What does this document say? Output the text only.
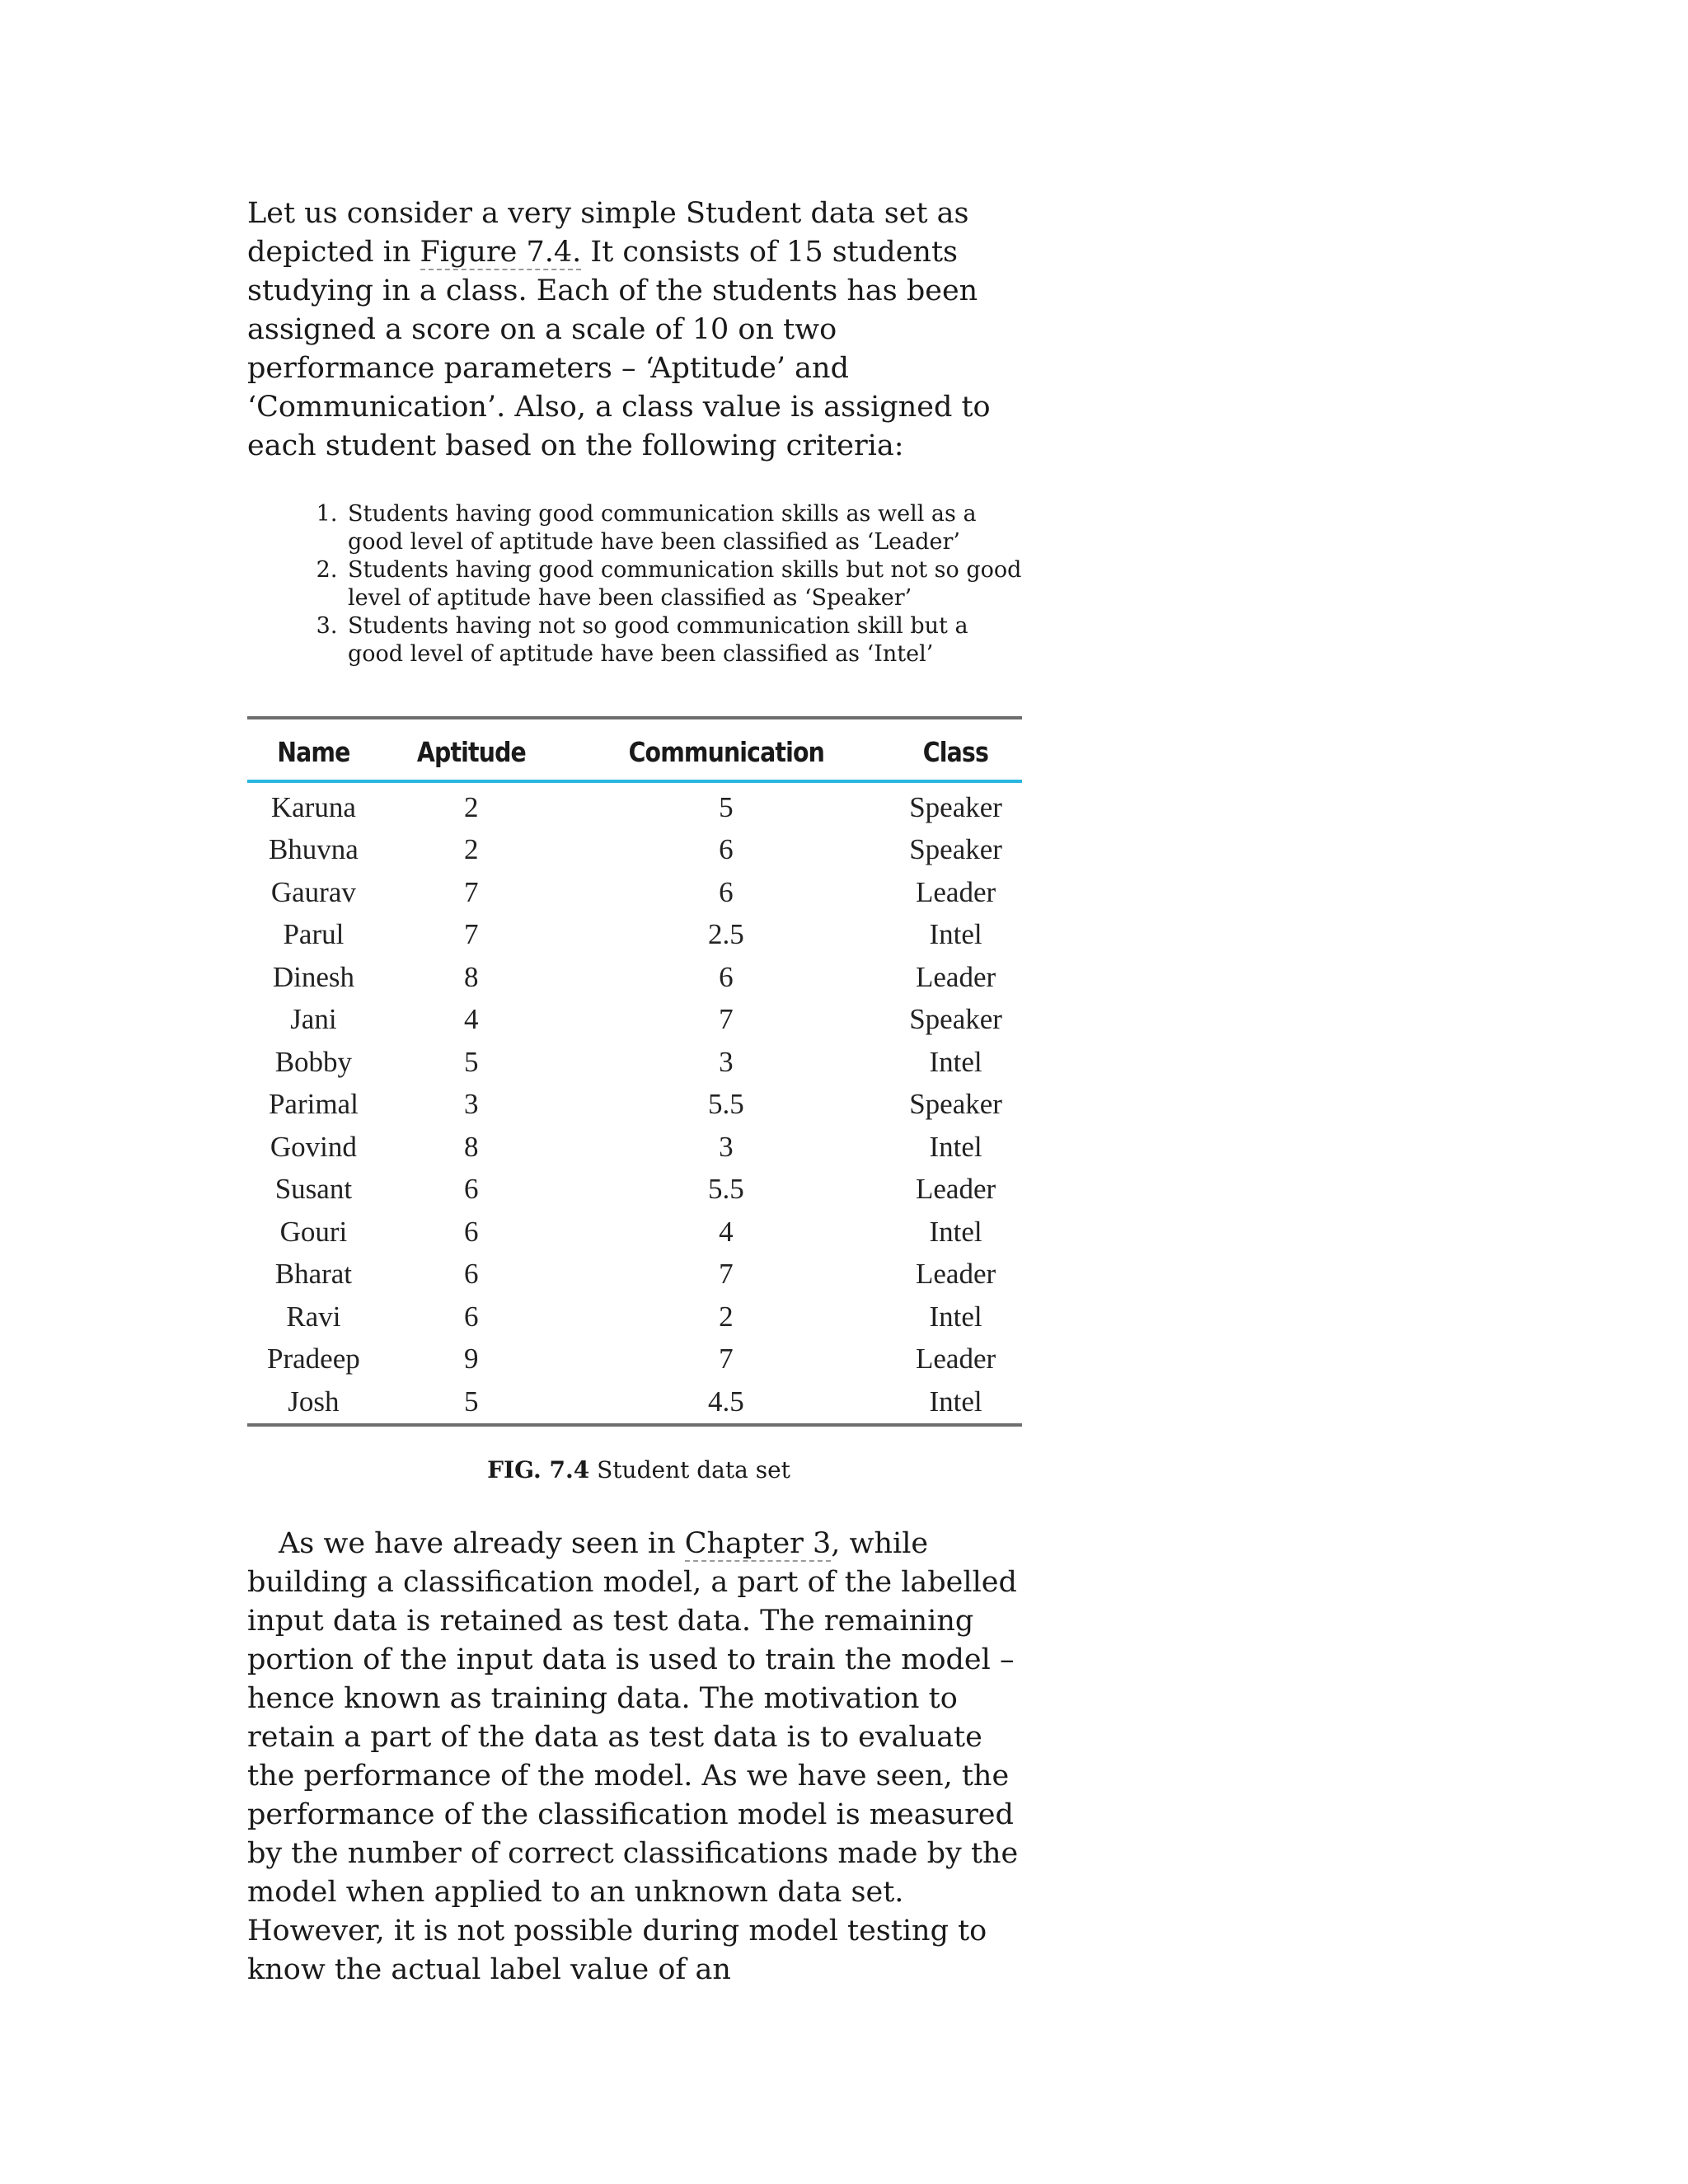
Let us consider a very simple Student data set as depicted in Figure 7.4. It consists of 15 students studying in a class. Each of the students has been assigned a score on a scale of 10 on two performance parameters – ‘Aptitude’ and ‘Communication’. Also, a class value is assigned to each student based on the following criteria:

1. Students having good communication skills as well as a good level of aptitude have been classified as ‘Leader’
2. Students having good communication skills but not so good level of aptitude have been classified as ‘Speaker’
3. Students having not so good communication skill but a good level of aptitude have been classified as ‘Intel’
Name	Aptitude	Communication	Class
Karuna	2	5	Speaker
Bhuvna	2	6	Speaker
Gaurav	7	6	Leader
Parul	7	2.5	Intel
Dinesh	8	6	Leader
Jani	4	7	Speaker
Bobby	5	3	Intel
Parimal	3	5.5	Speaker
Govind	8	3	Intel
Susant	6	5.5	Leader
Gouri	6	4	Intel
Bharat	6	7	Leader
Ravi	6	2	Intel
Pradeep	9	7	Leader
Josh	5	4.5	Intel
FIG. 7.4 Student data set

As we have already seen in Chapter 3, while building a classification model, a part of the labelled input data is retained as test data. The remaining portion of the input data is used to train the model – hence known as training data. The motivation to retain a part of the data as test data is to evaluate the performance of the model. As we have seen, the performance of the classification model is measured by the number of correct classifications made by the model when applied to an unknown data set. However, it is not possible during model testing to know the actual label value of an
